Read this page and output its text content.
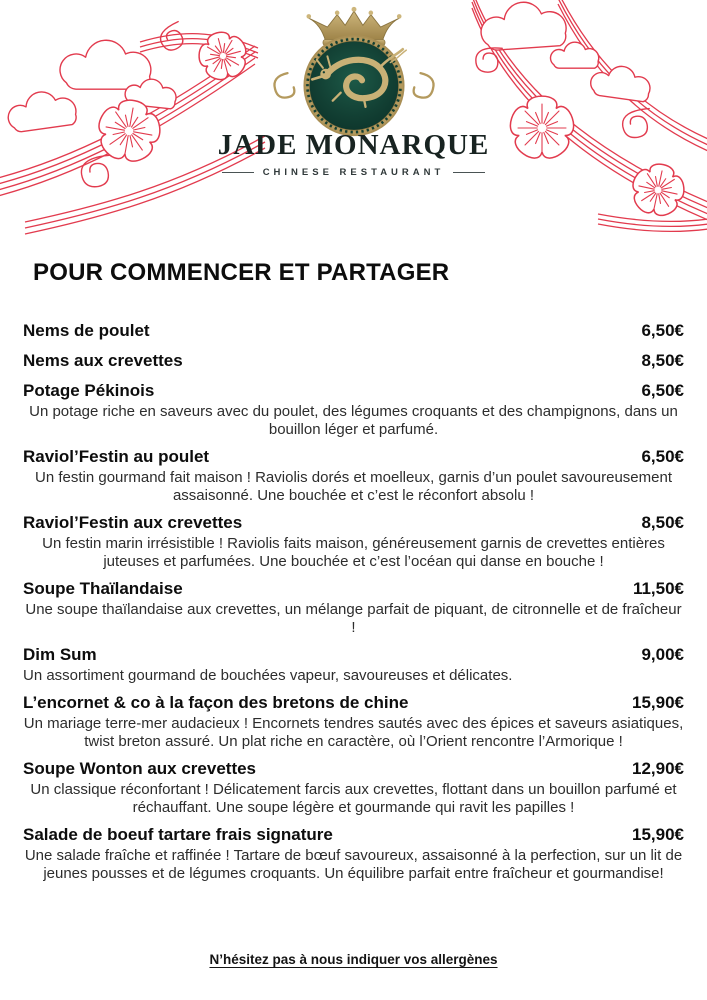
JADE MONARQUE
CHINESE RESTAURANT
POUR COMMENCER ET PARTAGER
Nems de poulet	6,50€
Nems aux crevettes	8,50€
Potage Pékinois	6,50€

Un potage riche en saveurs avec du poulet, des légumes croquants et des champignons, dans un bouillon léger et parfumé.

Raviol’Festin au poulet	6,50€

Un festin gourmand fait maison ! Raviolis dorés et moelleux, garnis d’un poulet savoureusement assaisonné. Une bouchée et c’est le réconfort absolu !

Raviol’Festin aux crevettes	8,50€

Un festin marin irrésistible ! Raviolis faits maison, généreusement garnis de crevettes entières juteuses et parfumées. Une bouchée et c’est l’océan qui danse en bouche !

Soupe Thaïlandaise	11,50€

Une soupe thaïlandaise aux crevettes, un mélange parfait de piquant, de citronnelle et de fraîcheur !

Dim Sum	9,00€

Un assortiment gourmand de bouchées vapeur, savoureuses et délicates.

L’encornet & co à la façon des bretons de chine	15,90€

Un mariage terre-mer audacieux ! Encornets tendres sautés avec des épices et saveurs asiatiques, twist breton assuré. Un plat riche en caractère, où l’Orient rencontre l’Armorique !

Soupe Wonton aux crevettes	12,90€

Un classique réconfortant ! Délicatement farcis aux crevettes, flottant dans un bouillon parfumé et réchauffant. Une soupe légère et gourmande qui ravit les papilles !

Salade de boeuf tartare frais signature	15,90€

Une salade fraîche et raffinée ! Tartare de bœuf savoureux, assaisonné à la perfection, sur un lit de jeunes pousses et de légumes croquants. Un équilibre parfait entre fraîcheur et gourmandise!

N’hésitez pas à nous indiquer vos allergènes
